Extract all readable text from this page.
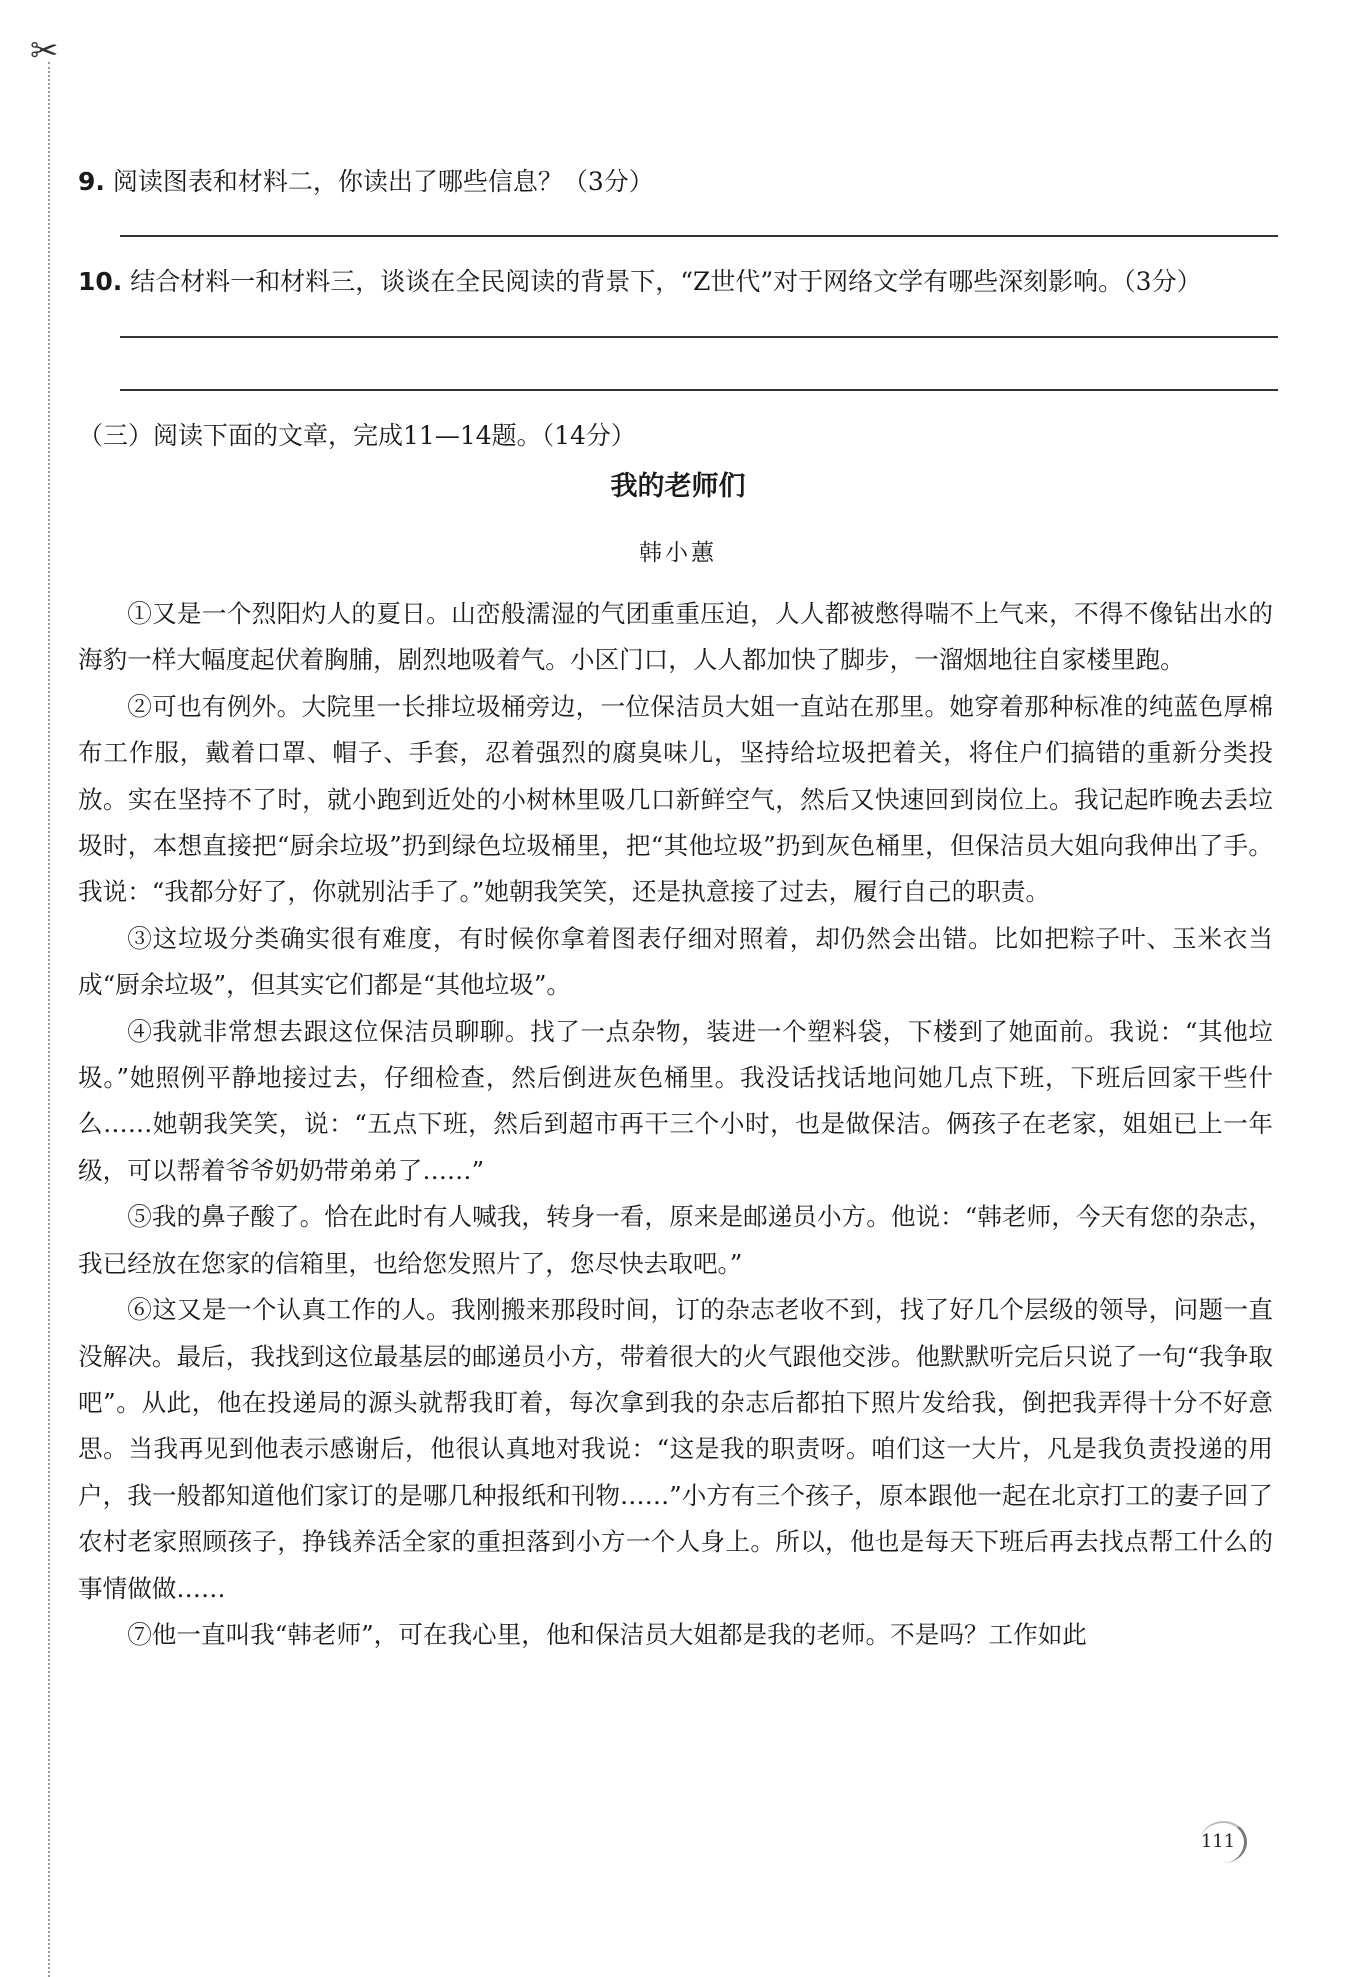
✂
9. 阅读图表和材料二，你读出了哪些信息？（3分）
10. 结合材料一和材料三，谈谈在全民阅读的背景下，“Z世代”对于网络文学有哪些深刻影响。（3分）
（三）阅读下面的文章，完成11—14题。（14分）
我的老师们
韩小蕙

①又是一个烈阳灼人的夏日。山峦般濡湿的气团重重压迫，人人都被憋得喘不上气来，不得不像钻出水的海豹一样大幅度起伏着胸脯，剧烈地吸着气。小区门口，人人都加快了脚步，一溜烟地往自家楼里跑。

②可也有例外。大院里一长排垃圾桶旁边，一位保洁员大姐一直站在那里。她穿着那种标准的纯蓝色厚棉布工作服，戴着口罩、帽子、手套，忍着强烈的腐臭味儿，坚持给垃圾把着关，将住户们搞错的重新分类投放。实在坚持不了时，就小跑到近处的小树林里吸几口新鲜空气，然后又快速回到岗位上。我记起昨晚去丢垃圾时，本想直接把“厨余垃圾”扔到绿色垃圾桶里，把“其他垃圾”扔到灰色桶里，但保洁员大姐向我伸出了手。我说：“我都分好了，你就别沾手了。”她朝我笑笑，还是执意接了过去，履行自己的职责。

③这垃圾分类确实很有难度，有时候你拿着图表仔细对照着，却仍然会出错。比如把粽子叶、玉米衣当成“厨余垃圾”，但其实它们都是“其他垃圾”。

④我就非常想去跟这位保洁员聊聊。找了一点杂物，装进一个塑料袋，下楼到了她面前。我说：“其他垃圾。”她照例平静地接过去，仔细检查，然后倒进灰色桶里。我没话找话地问她几点下班，下班后回家干些什么……她朝我笑笑，说：“五点下班，然后到超市再干三个小时，也是做保洁。俩孩子在老家，姐姐已上一年级，可以帮着爷爷奶奶带弟弟了……”

⑤我的鼻子酸了。恰在此时有人喊我，转身一看，原来是邮递员小方。他说：“韩老师，今天有您的杂志，我已经放在您家的信箱里，也给您发照片了，您尽快去取吧。”

⑥这又是一个认真工作的人。我刚搬来那段时间，订的杂志老收不到，找了好几个层级的领导，问题一直没解决。最后，我找到这位最基层的邮递员小方，带着很大的火气跟他交涉。他默默听完后只说了一句“我争取吧”。从此，他在投递局的源头就帮我盯着，每次拿到我的杂志后都拍下照片发给我，倒把我弄得十分不好意思。当我再见到他表示感谢后，他很认真地对我说：“这是我的职责呀。咱们这一大片，凡是我负责投递的用户，我一般都知道他们家订的是哪几种报纸和刊物……”小方有三个孩子，原本跟他一起在北京打工的妻子回了农村老家照顾孩子，挣钱养活全家的重担落到小方一个人身上。所以，他也是每天下班后再去找点帮工什么的事情做做……

⑦他一直叫我“韩老师”，可在我心里，他和保洁员大姐都是我的老师。不是吗？工作如此

111
